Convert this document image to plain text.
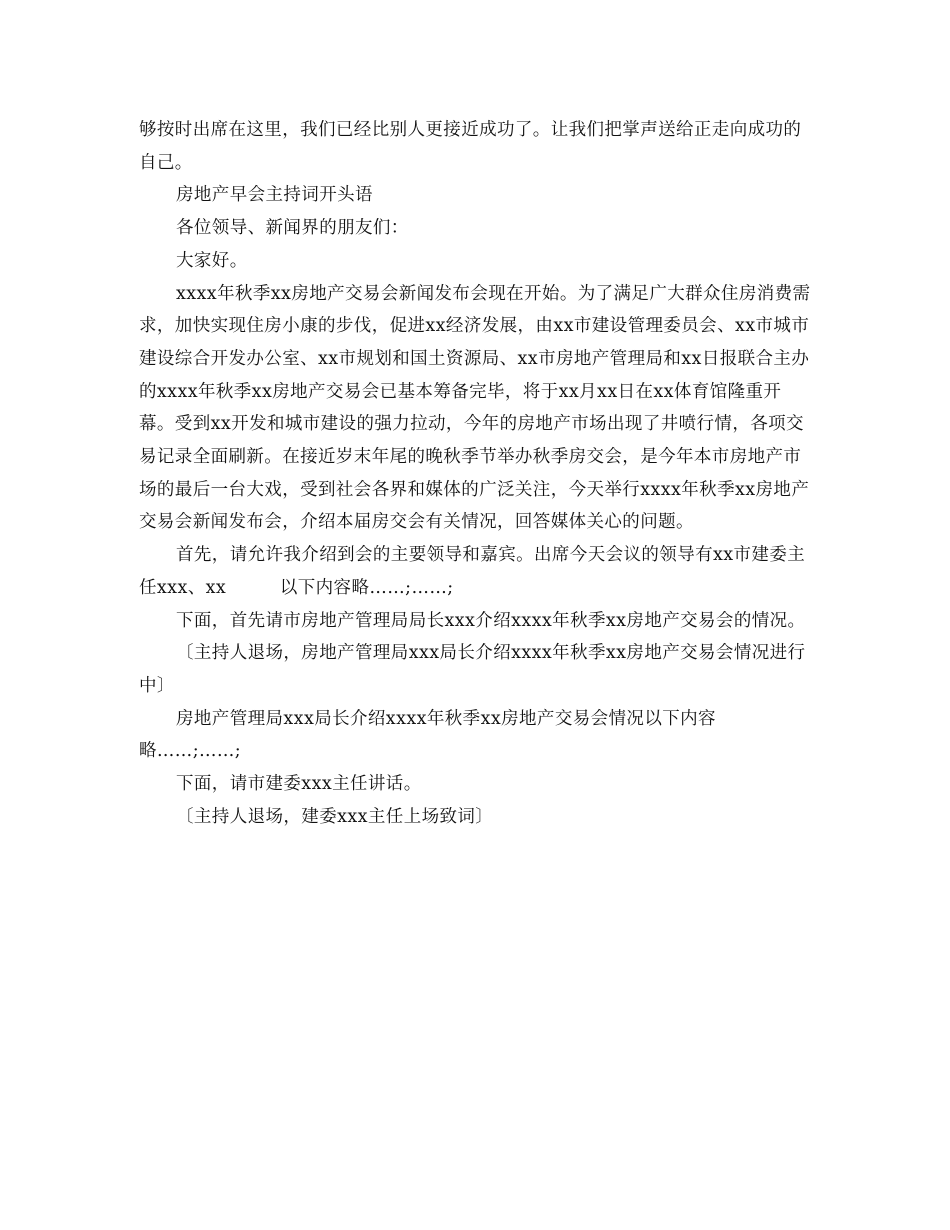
够按时出席在这里，我们已经比别人更接近成功了。让我们把掌声送给正走向成功的自己。

房地产早会主持词开头语

各位领导、新闻界的朋友们：

大家好。

xxxx年秋季xx房地产交易会新闻发布会现在开始。为了满足广大群众住房消费需求，加快实现住房小康的步伐，促进xx经济发展，由xx市建设管理委员会、xx市城市建设综合开发办公室、xx市规划和国土资源局、xx市房地产管理局和xx日报联合主办的xxxx年秋季xx房地产交易会已基本筹备完毕，将于xx月xx日在xx体育馆隆重开幕。受到xx开发和城市建设的强力拉动，今年的房地产市场出现了井喷行情，各项交易记录全面刷新。在接近岁末年尾的晚秋季节举办秋季房交会，是今年本市房地产市场的最后一台大戏，受到社会各界和媒体的广泛关注，今天举行xxxx年秋季xx房地产交易会新闻发布会，介绍本届房交会有关情况，回答媒体关心的问题。

首先，请允许我介绍到会的主要领导和嘉宾。出席今天会议的领导有xx市建委主任xxx、xx　　　以下内容略……;……;

下面，首先请市房地产管理局局长xxx介绍xxxx年秋季xx房地产交易会的情况。

〔主持人退场，房地产管理局xxx局长介绍xxxx年秋季xx房地产交易会情况进行中〕

房地产管理局xxx局长介绍xxxx年秋季xx房地产交易会情况以下内容略……;……;

下面，请市建委xxx主任讲话。

〔主持人退场，建委xxx主任上场致词〕
